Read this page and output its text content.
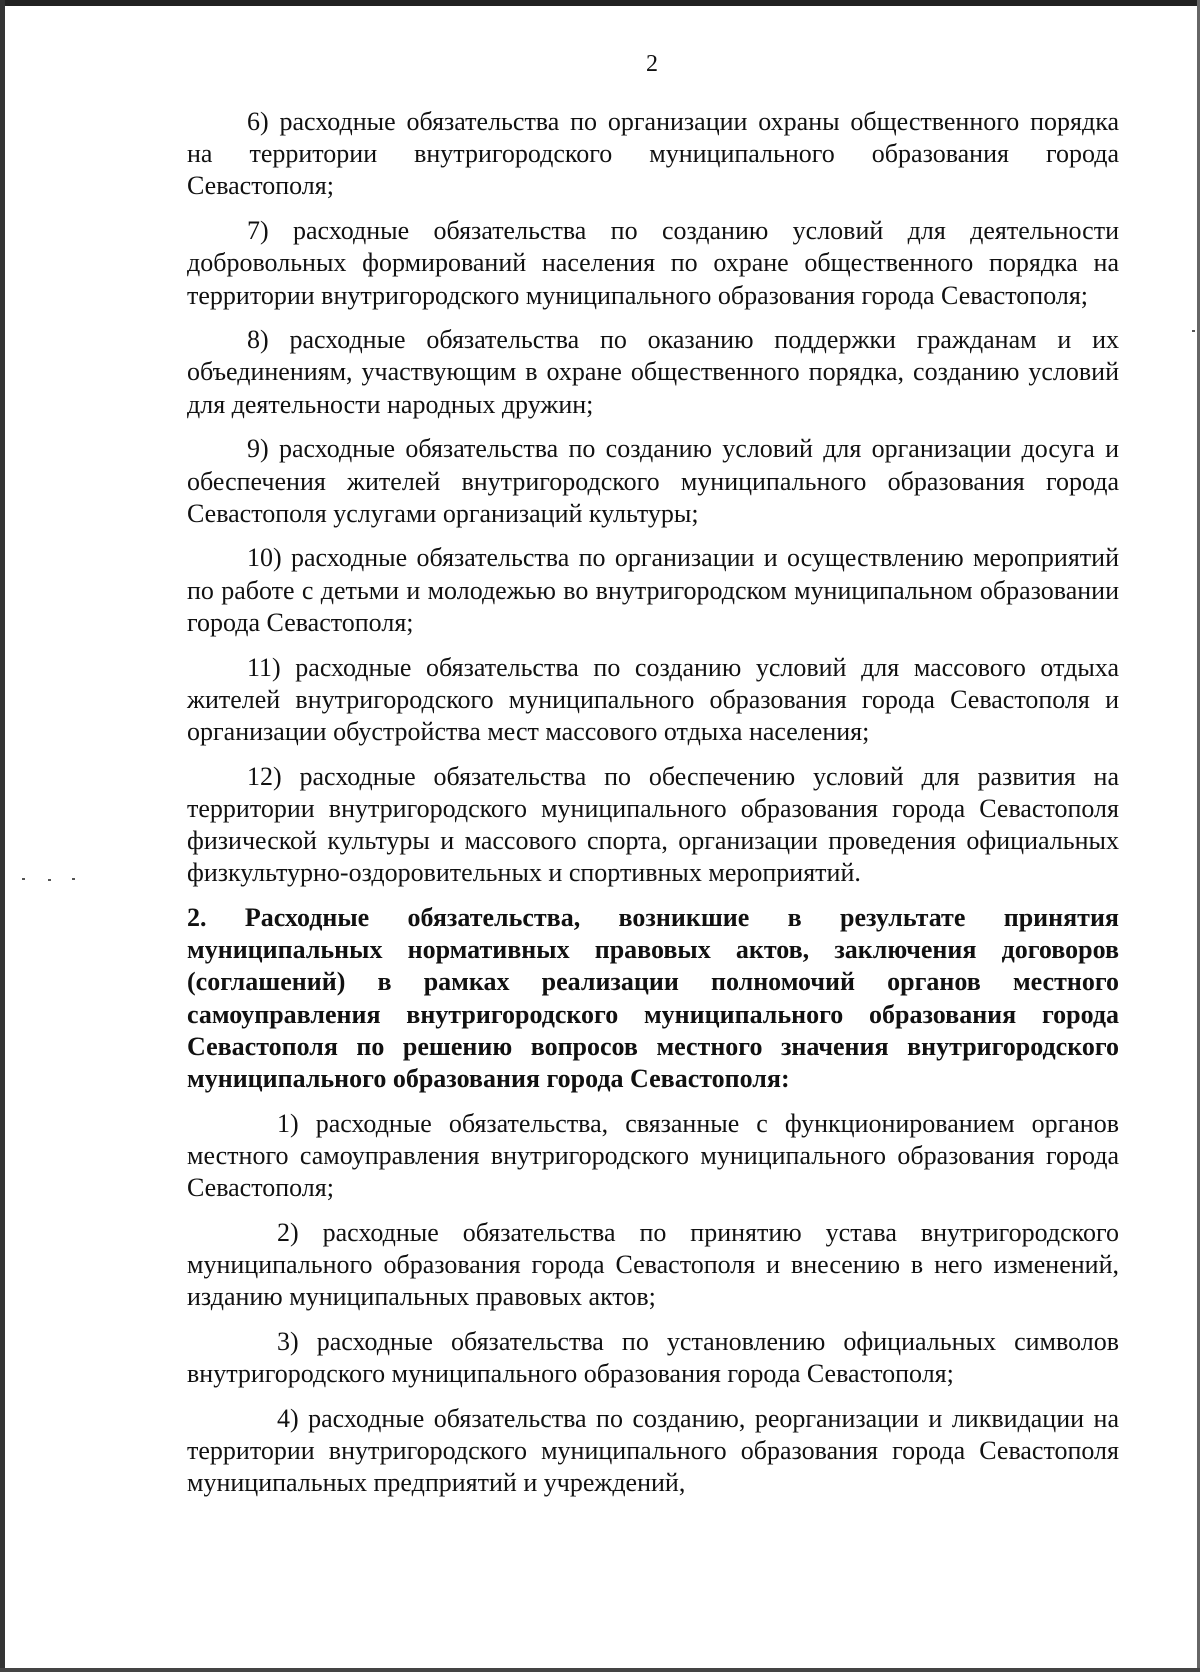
2

6) расходные обязательства по организации охраны общественного порядка на территории внутригородского муниципального образования города Севастополя;

7) расходные обязательства по созданию условий для деятельности добровольных формирований населения по охране общественного порядка на территории внутригородского муниципального образования города Севастополя;

8) расходные обязательства по оказанию поддержки гражданам и их объединениям, участвующим в охране общественного порядка, созданию условий для деятельности народных дружин;

9) расходные обязательства по созданию условий для организации досуга и обеспечения жителей внутригородского муниципального образования города Севастополя услугами организаций культуры;

10) расходные обязательства по организации и осуществлению мероприятий по работе с детьми и молодежью во внутригородском муниципальном образовании города Севастополя;

11) расходные обязательства по созданию условий для массового отдыха жителей внутригородского муниципального образования города Севастополя и организации обустройства мест массового отдыха населения;

12) расходные обязательства по обеспечению условий для развития на территории внутригородского муниципального образования города Севастополя физической культуры и массового спорта, организации проведения официальных физкультурно-оздоровительных и спортивных мероприятий.

2. Расходные обязательства, возникшие в результате принятия муниципальных нормативных правовых актов, заключения договоров (соглашений) в рамках реализации полномочий органов местного самоуправления внутригородского муниципального образования города Севастополя по решению вопросов местного значения внутригородского муниципального образования города Севастополя:

1) расходные обязательства, связанные с функционированием органов местного самоуправления внутригородского муниципального образования города Севастополя;

2) расходные обязательства по принятию устава внутригородского муниципального образования города Севастополя и внесению в него изменений, изданию муниципальных правовых актов;

3) расходные обязательства по установлению официальных символов внутригородского муниципального образования города Севастополя;

4) расходные обязательства по созданию, реорганизации и ликвидации на территории внутригородского муниципального образования города Севастополя муниципальных предприятий и учреждений,
